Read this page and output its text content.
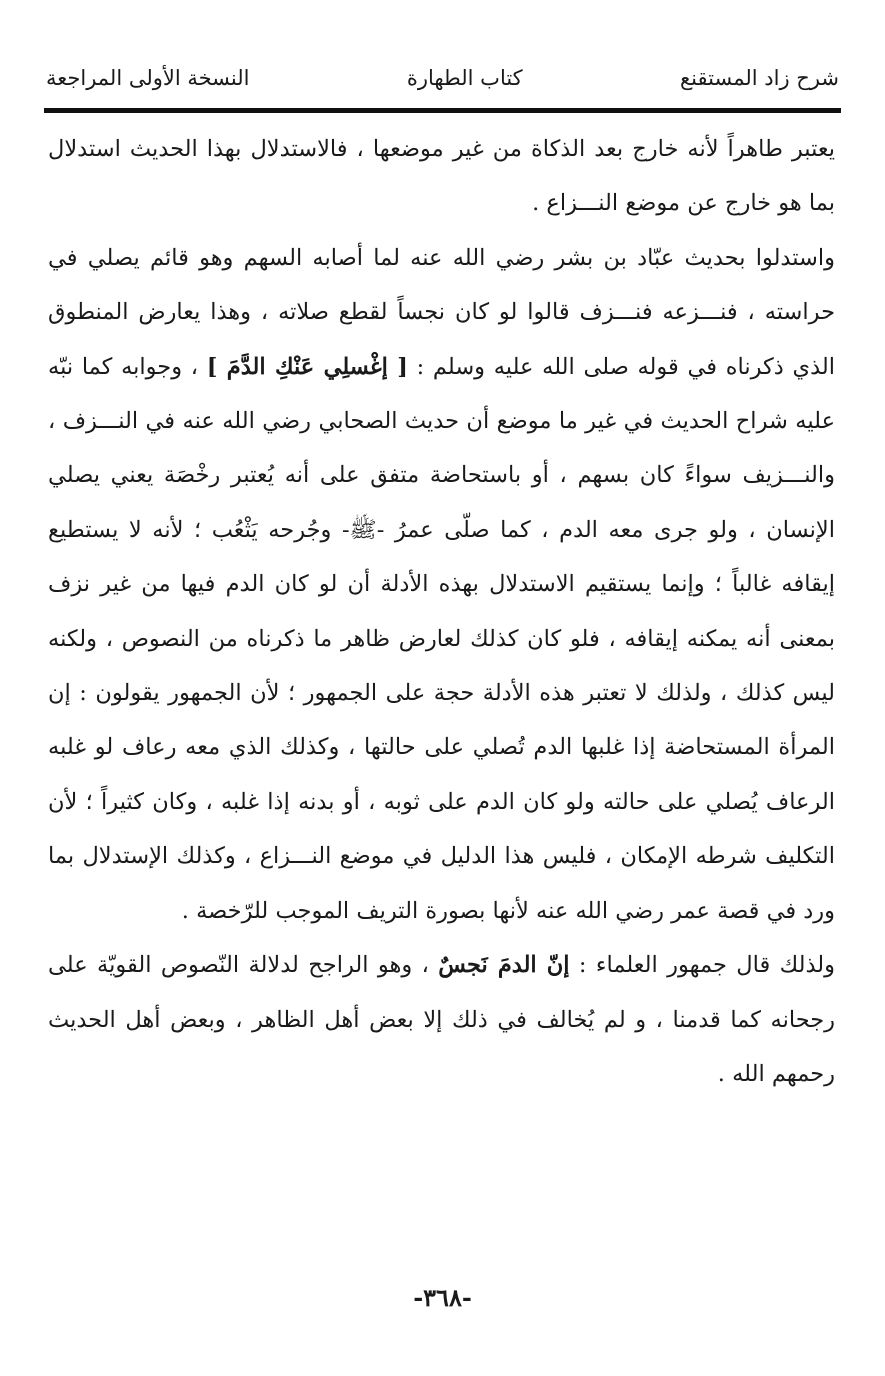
شرح زاد المستقنع
كتاب الطهارة
النسخة الأولى المراجعة

يعتبر طاهراً لأنه خارج بعد الذكاة من غير موضعها ، فالاستدلال بهذا الحديث استدلال بما هو خارج عن موضع النـــزاع .

واستدلوا بحديث عبّاد بن بشر رضي الله عنه لما أصابه السهم وهو قائم يصلي في حراسته ، فنـــزعه فنـــزف قالوا لو كان نجساً لقطع صلاته ، وهذا يعارض المنطوق الذي ذكرناه في قوله صلى الله عليه وسلم : [ إغْسلِي عَنْكِ الدَّمَ ] ، وجوابه كما نبّه عليه شراح الحديث في غير ما موضع أن حديث الصحابي رضي الله عنه في النـــزف ، والنـــزيف سواءً كان بسهم ، أو باستحاضة متفق على أنه يُعتبر رخْصَة يعني يصلي الإنسان ، ولو جرى معه الدم ، كما صلّى عمرُ -ﷺ- وجُرحه يَثْعُب ؛ لأنه لا يستطيع إيقافه غالباً ؛ وإنما يستقيم الاستدلال بهذه الأدلة أن لو كان الدم فيها من غير نزف بمعنى أنه يمكنه إيقافه ، فلو كان كذلك لعارض ظاهر ما ذكرناه من النصوص ، ولكنه ليس كذلك ، ولذلك لا تعتبر هذه الأدلة حجة على الجمهور ؛ لأن الجمهور يقولون : إن المرأة المستحاضة إذا غلبها الدم تُصلي على حالتها ، وكذلك الذي معه رعاف لو غلبه الرعاف يُصلي على حالته ولو كان الدم على ثوبه ، أو بدنه إذا غلبه ، وكان كثيراً ؛ لأن التكليف شرطه الإمكان ، فليس هذا الدليل في موضع النـــزاع ، وكذلك الإستدلال بما ورد في قصة عمر رضي الله عنه لأنها بصورة التريف الموجب للرّخصة .

ولذلك قال جمهور العلماء : إنّ الدمَ نَجسٌ ، وهو الراجح لدلالة النّصوص القويّة على رجحانه كما قدمنا ، و لم يُخالف في ذلك إلا بعض أهل الظاهر ، وبعض أهل الحديث رحمهم الله .

-٣٦٨-
